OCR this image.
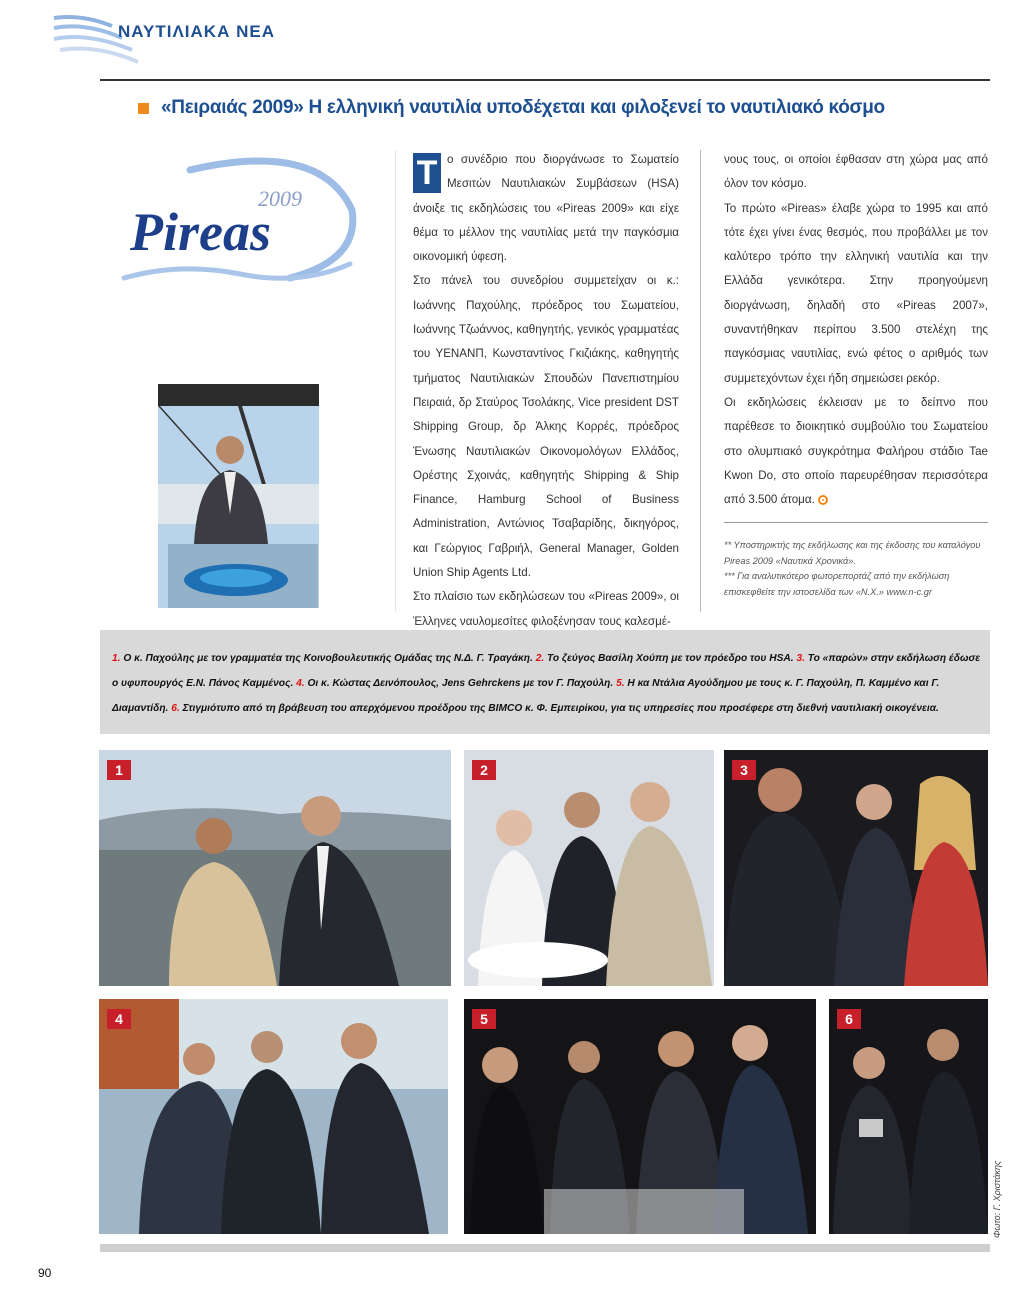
ΝΑΥΤΙΛΙΑΚΑ ΝΕΑ
«Πειραιάς 2009» Η ελληνική ναυτιλία υποδέχεται και φιλοξενεί το ναυτιλιακό κόσμο
2009
Pireas

Τ ο συνέδριο που διοργάνωσε το Σωματείο Μεσιτών Ναυτιλιακών Συμβάσεων (HSA) άνοιξε τις εκδηλώσεις του «Pireas 2009» και είχε θέμα το μέλλον της ναυτιλίας μετά την παγκόσμια οικονομική ύφεση.

Στο πάνελ του συνεδρίου συμμετείχαν οι κ.: Ιωάννης Παχούλης, πρόεδρος του Σωματείου, Ιωάννης Τζωάννος, καθηγητής, γενικός γραμματέας του ΥΕΝΑΝΠ, Κωνσταντίνος Γκιζιάκης, καθηγητής τμήματος Ναυτιλιακών Σπουδών Πανεπιστημίου Πειραιά, δρ Σταύρος Τσολάκης, Vice president DST Shipping Group, δρ Άλκης Κορρές, πρόεδρος Ένωσης Ναυτιλιακών Οικονομολόγων Ελλάδος, Ορέστης Σχοινάς, καθηγητής Shipping & Ship Finance, Hamburg School of Business Administration, Αντώνιος Τσαβαρίδης, δικηγόρος, και Γεώργιος Γαβριήλ, General Manager, Golden Union Ship Agents Ltd.

Στο πλαίσιο των εκδηλώσεων του «Pireas 2009», οι Έλληνες ναυλομεσίτες φιλοξένησαν τους καλεσμέ-

νους τους, οι οποίοι έφθασαν στη χώρα μας από όλον τον κόσμο.

Το πρώτο «Pireas» έλαβε χώρα το 1995 και από τότε έχει γίνει ένας θεσμός, που προβάλλει με τον καλύτερο τρόπο την ελληνική ναυτιλία και την Ελλάδα γενικότερα. Στην προηγούμενη διοργάνωση, δηλαδή στο «Pireas 2007», συναντήθηκαν περίπου 3.500 στελέχη της παγκόσμιας ναυτιλίας, ενώ φέτος ο αριθμός των συμμετεχόντων έχει ήδη σημειώσει ρεκόρ.

Οι εκδηλώσεις έκλεισαν με το δείπνο που παρέθεσε το διοικητικό συμβούλιο του Σωματείου στο ολυμπιακό συγκρότημα Φαλήρου στάδιο Tae Kwon Do, στο οποίο παρευρέθησαν περισσότερα από 3.500 άτομα.

** Υποστηρικτής της εκδήλωσης και της έκδοσης του καταλόγου Pireas 2009 «Ναυτικά Χρονικά».

*** Για αναλυτικότερο φωτορεπορτάζ από την εκδήλωση επισκεφθείτε την ιστοσελίδα των «Ν.Χ.» www.n-c.gr

1. Ο κ. Παχούλης με τον γραμματέα της Κοινοβουλευτικής Ομάδας της Ν.Δ. Γ. Τραγάκη. 2. Το ζεύγος Βασίλη Χούπη με τον πρόεδρο του HSA. 3. Το «παρών» στην εκδήλωση έδωσε ο υφυπουργός Ε.Ν. Πάνος Καμμένος. 4. Οι κ. Κώστας Δεινόπουλος, Jens Gehrckens με τον Γ. Παχούλη. 5. Η κα Ντάλια Αγούδημου με τους κ. Γ. Παχούλη, Π. Καμμένο και Γ. Διαμαντίδη. 6. Στιγμιότυπο από τη βράβευση του απερχόμενου προέδρου της BIMCO κ. Φ. Εμπειρίκου, για τις υπηρεσίες που προσέφερε στη διεθνή ναυτιλιακή οικογένεια.
1	2	3
4	5	6
Φωτο: Γ. Χριστάκης
90
